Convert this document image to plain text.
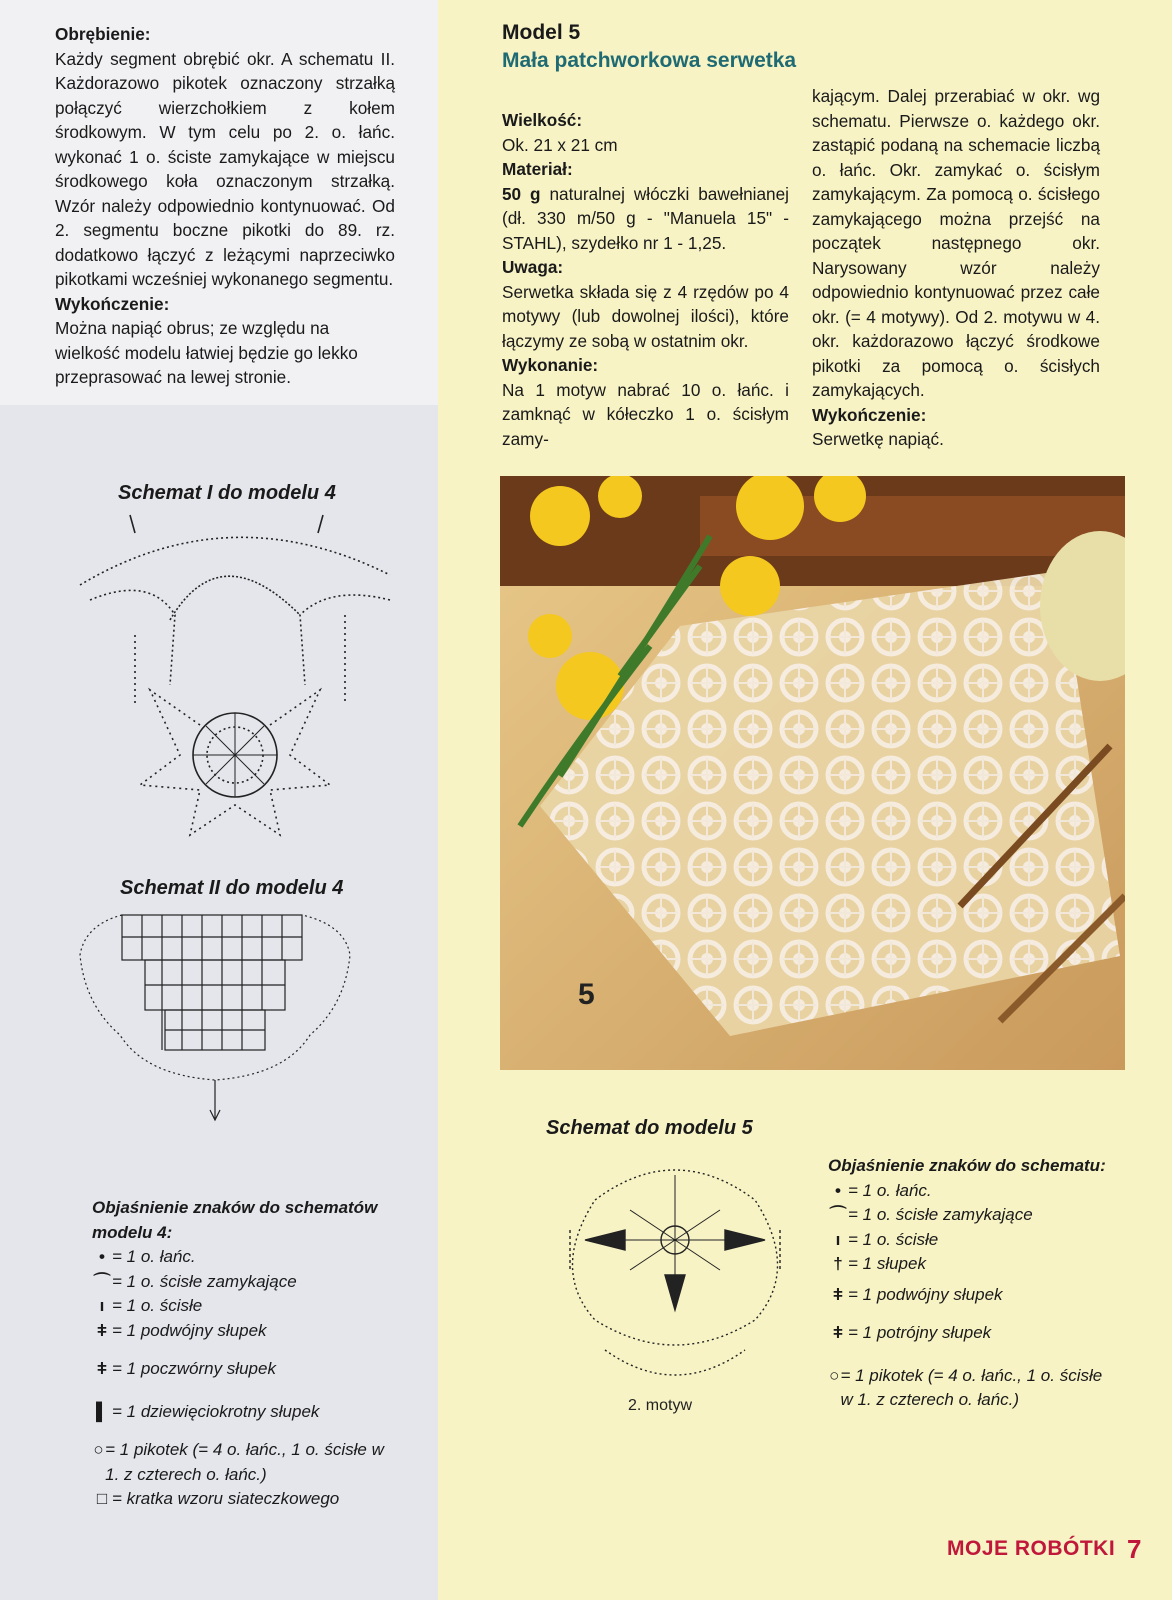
Obrębienie:

Każdy segment obrębić okr. A schematu II. Każdorazowo pikotek oznaczony strzałką połączyć wierzchołkiem z kołem środkowym. W tym celu po 2. o. łańc. wykonać 1 o. ściste zamykające w miejscu środkowego koła oznaczonym strzałką. Wzór należy odpowiednio kontynuować. Od 2. segmentu boczne pikotki do 89. rz. dodatkowo łączyć z leżącymi naprzeciwko pikotkami wcześniej wykonanego segmentu.

Wykończenie:

Można napiąć obrus; ze względu na wielkość modelu łatwiej będzie go lekko przeprasować na lewej stronie.

Model 5
Mała patchworkowa serwetka

Wielkość:

Ok. 21 x 21 cm

Materiał:

50 g naturalnej włóczki bawełnianej (dł. 330 m/50 g - "Manuela 15" - STAHL), szydełko nr 1 - 1,25.

Uwaga:

Serwetka składa się z 4 rzędów po 4 motywy (lub dowolnej ilości), które łączymy ze sobą w ostatnim okr.

Wykonanie:

Na 1 motyw nabrać 10 o. łańc. i zamknąć w kółeczko 1 o. ścisłym zamy-

kającym. Dalej przerabiać w okr. wg schematu. Pierwsze o. każdego okr. zastąpić podaną na schemacie liczbą o. łańc. Okr. zamykać o. ścisłym zamykającym. Za pomocą o. ścisłego zamykającego można przejść na początek następnego okr. Narysowany wzór należy odpowiednio kontynuować przez całe okr. (= 4 motywy). Od 2. motywu w 4. okr. każdorazowo łączyć środkowe pikotki za pomocą o. ścisłych zamykających.

Wykończenie:

Serwetkę napiąć.

Schemat I do modelu 4
Schemat II do modelu 4
Objaśnienie znaków do schematów modelu 4:
• = 1 o. łańc.
⌒ = 1 o. ścisłe zamykające
ı = 1 o. ścisłe
ǂ = 1 podwójny słupek
ǂ = 1 poczwórny słupek
▌ = 1 dziewięciokrotny słupek
○ = 1 pikotek (= 4 o. łańc., 1 o. ścisłe w 1. z czterech o. łańc.)
□ = kratka wzoru siateczkowego
5
Schemat do modelu 5
2. motyw
Objaśnienie znaków do schematu:
• = 1 o. łańc.
⌒ = 1 o. ścisłe zamykające
ı = 1 o. ścisłe
† = 1 słupek
ǂ = 1 podwójny słupek
ǂ = 1 potrójny słupek
○ = 1 pikotek (= 4 o. łańc., 1 o. ścisłe w 1. z czterech o. łańc.)
MOJE ROBÓTKI 7
